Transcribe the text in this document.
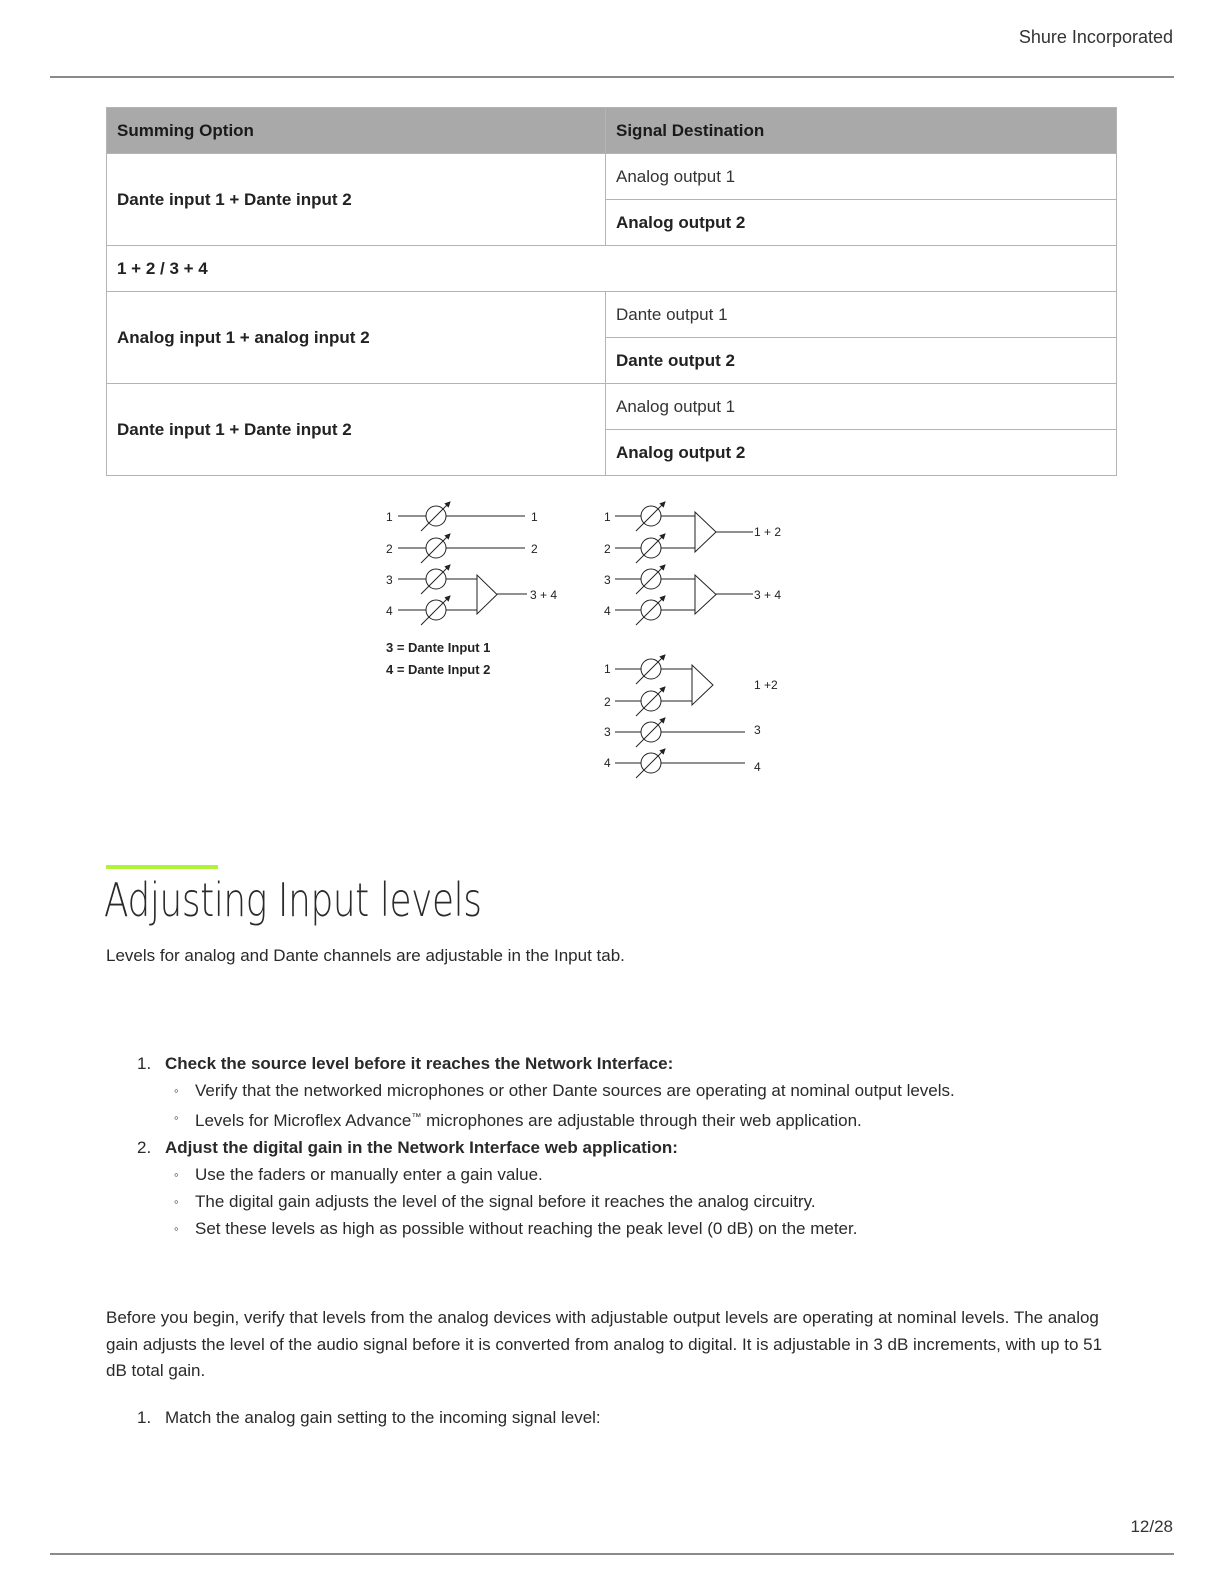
Shure Incorporated
Summing Option	Signal Destination
Dante input 1 + Dante input 2	Analog output 1
	Analog output 2
1 + 2 / 3 + 4	
Analog input 1 + analog input 2	Dante output 1
	Dante output 2
Dante input 1 + Dante input 2	Analog output 1
	Analog output 2
1
2
3
4
1
2
3 + 4
3 = Dante Input 1
4 = Dante Input 2
1
2
3
4
1 + 2
3 + 4
1
2
3
4
1 +2
3
4
Adjusting Input levels

Levels for analog and Dante channels are adjustable in the Input tab.

1. Check the source level before it reaches the Network Interface:
◦ Verify that the networked microphones or other Dante sources are operating at nominal output levels.
◦ Levels for Microflex Advance™ microphones are adjustable through their web application.
2. Adjust the digital gain in the Network Interface web application:
◦ Use the faders or manually enter a gain value.
◦ The digital gain adjusts the level of the signal before it reaches the analog circuitry.
◦ Set these levels as high as possible without reaching the peak level (0 dB) on the meter.

Before you begin, verify that levels from the analog devices with adjustable output levels are operating at nominal levels. The analog gain adjusts the level of the audio signal before it is converted from analog to digital. It is adjustable in 3 dB increments, with up to 51 dB total gain.

1. Match the analog gain setting to the incoming signal level:
12/28
